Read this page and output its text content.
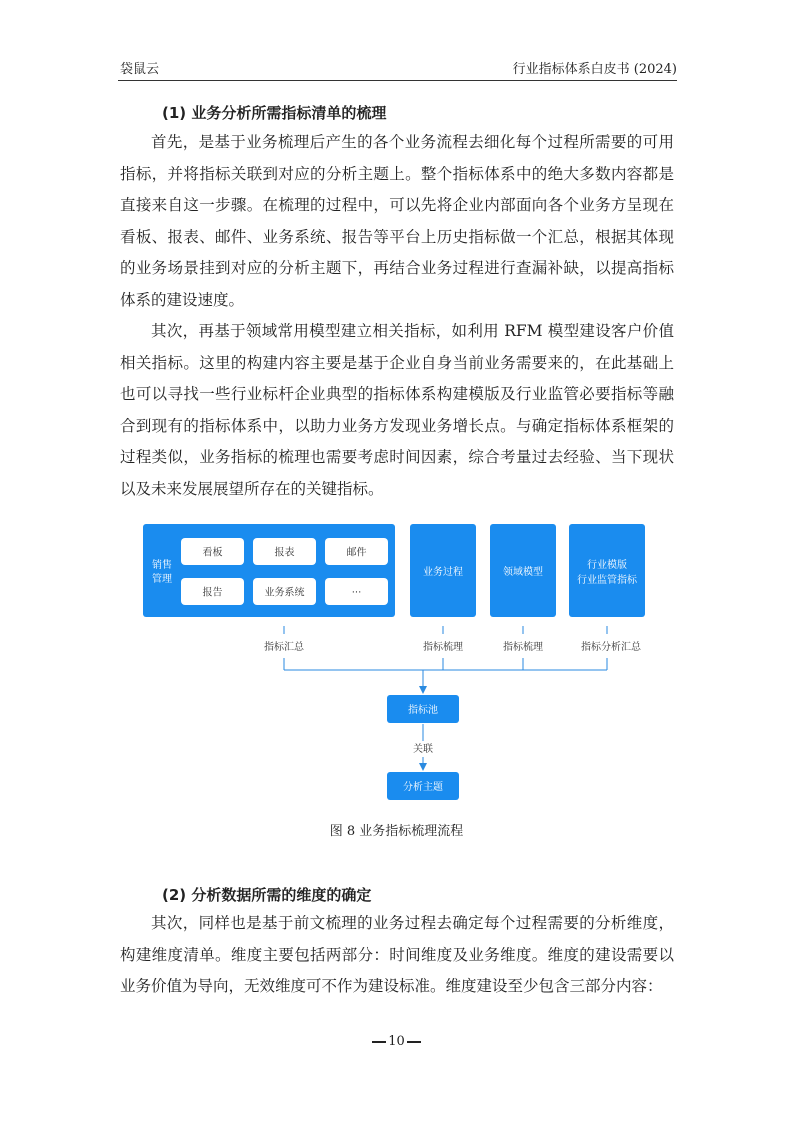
袋鼠云	行业指标体系白皮书 (2024)
(1) 业务分析所需指标清单的梳理
首先，是基于业务梳理后产生的各个业务流程去细化每个过程所需要的可用指标，并将指标关联到对应的分析主题上。整个指标体系中的绝大多数内容都是直接来自这一步骤。在梳理的过程中，可以先将企业内部面向各个业务方呈现在看板、报表、邮件、业务系统、报告等平台上历史指标做一个汇总，根据其体现的业务场景挂到对应的分析主题下，再结合业务过程进行查漏补缺，以提高指标体系的建设速度。
其次，再基于领域常用模型建立相关指标，如利用 RFM 模型建设客户价值相关指标。这里的构建内容主要是基于企业自身当前业务需要来的，在此基础上也可以寻找一些行业标杆企业典型的指标体系构建模版及行业监管必要指标等融合到现有的指标体系中，以助力业务方发现业务增长点。与确定指标体系框架的过程类似，业务指标的梳理也需要考虑时间因素，综合考量过去经验、当下现状以及未来发展展望所存在的关键指标。
销售
管理
看板	报表	邮件
报告	业务系统	···
业务过程	领域模型
行业模版
行业监管指标
指标汇总	指标梳理	指标梳理	指标分析汇总
指标池
关联
分析主题
图 8 业务指标梳理流程
(2) 分析数据所需的维度的确定
其次，同样也是基于前文梳理的业务过程去确定每个过程需要的分析维度，构建维度清单。维度主要包括两部分：时间维度及业务维度。维度的建设需要以业务价值为导向，无效维度可不作为建设标准。维度建设至少包含三部分内容：
10
